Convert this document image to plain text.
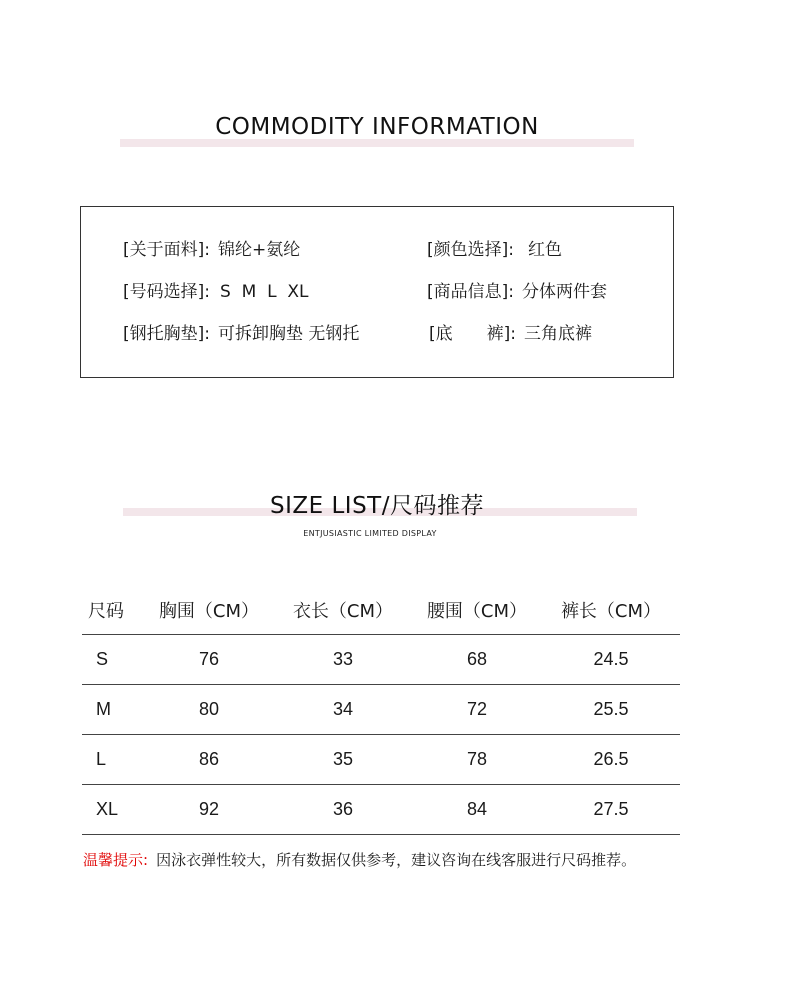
COMMODITY INFORMATION
[关于面料]: 锦纶+氨纶	[颜色选择]: 红色
[号码选择]: S  M  L  XL	[商品信息]: 分体两件套
[钢托胸垫]: 可拆卸胸垫 无钢托	[底　　裤]: 三角底裤
SIZE LIST/尺码推荐
ENTJUSIASTIC LIMITED DISPLAY
尺码	胸围（CM）	衣长（CM）	腰围（CM）	裤长（CM）
S	76	33	68	24.5
M	80	34	72	25.5
L	86	35	78	26.5
XL	92	36	84	27.5
温馨提示: 因泳衣弹性较大，所有数据仅供参考，建议咨询在线客服进行尺码推荐。
